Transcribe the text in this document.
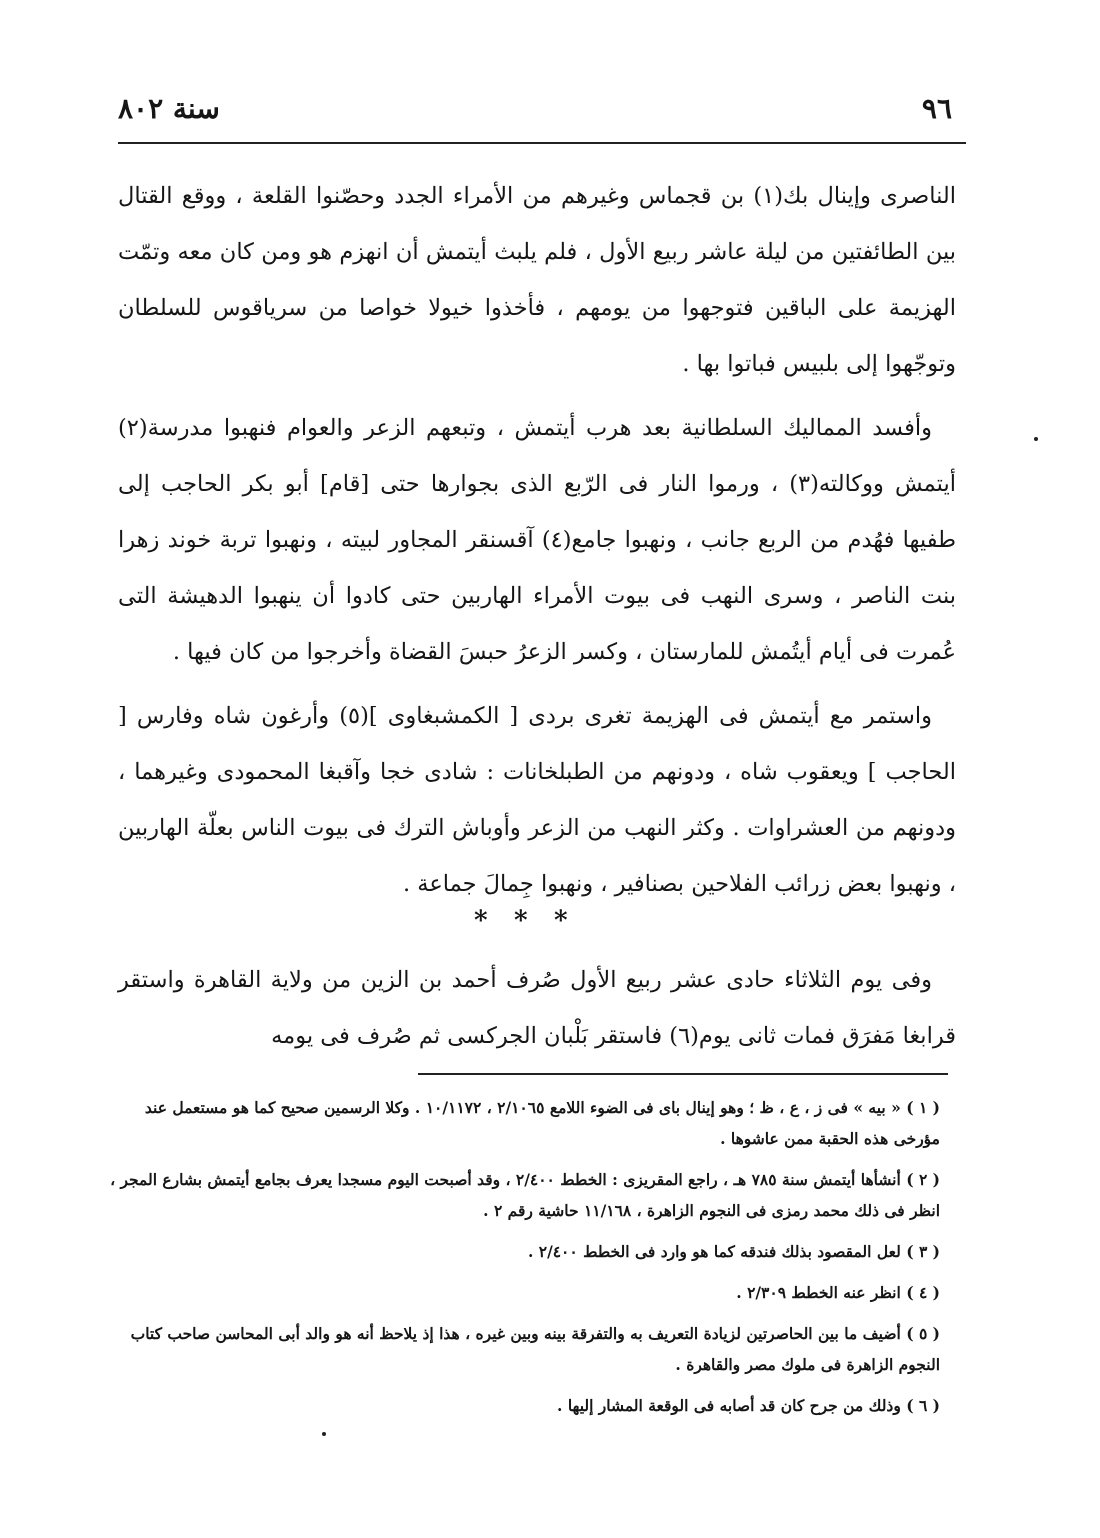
٩٦
سنة ٨٠٢

الناصرى وإينال بك(١) بن قجماس وغيرهم من الأمراء الجدد وحصّنوا القلعة ، ووقع القتال بين الطائفتين من ليلة عاشر ربيع الأول ، فلم يلبث أيتمش أن انهزم هو ومن كان معه وتمّت الهزيمة على الباقين فتوجهوا من يومهم ، فأخذوا خيولا خواصا من سرياقوس للسلطان وتوجّهوا إلى بلبيس فباتوا بها .

وأفسد المماليك السلطانية بعد هرب أيتمش ، وتبعهم الزعر والعوام فنهبوا مدرسة(٢) أيتمش ووكالته(٣) ، ورموا النار فى الرّبع الذى بجوارها حتى [قام] أبو بكر الحاجب إلى طفيها فهُدم من الربع جانب ، ونهبوا جامع(٤) آقسنقر المجاور لبيته ، ونهبوا تربة خوند زهرا بنت الناصر ، وسرى النهب فى بيوت الأمراء الهاربين حتى كادوا أن ينهبوا الدهيشة التى عُمرت فى أيام أيتُمش للمارستان ، وكسر الزعرُ حبسَ القضاة وأخرجوا من كان فيها .

واستمر مع أيتمش فى الهزيمة تغرى بردى [ الكمشبغاوى ](٥) وأرغون شاه وفارس [ الحاجب ] ويعقوب شاه ، ودونهم من الطبلخانات : شادى خجا وآقبغا المحمودى وغيرهما ، ودونهم من العشراوات . وكثر النهب من الزعر وأوباش الترك فى بيوت الناس بعلّة الهاربين ، ونهبوا بعض زرائب الفلاحين بصنافير ، ونهبوا جِمالَ جماعة .

* * *

وفى يوم الثلاثاء حادى عشر ربيع الأول صُرف أحمد بن الزين من ولاية القاهرة واستقر قرابغا مَفرَق فمات ثانى يوم(٦) فاستقر بَلْبان الجركسى ثم صُرف فى يومه

( ١ ) « بيه » فى ز ، ع ، ظ ؛ وهو إينال باى فى الضوء اللامع ٢/١٠٦٥ ، ١٠/١١٧٢ . وكلا الرسمين صحيح كما هو مستعمل عند مؤرخى هذه الحقبة ممن عاشوها .

( ٢ ) أنشأها أيتمش سنة ٧٨٥ هـ ، راجع المقريزى : الخطط ٢/٤٠٠ ، وقد أصبحت اليوم مسجدا يعرف بجامع أيتمش بشارع المجر ، انظر فى ذلك محمد رمزى فى النجوم الزاهرة ، ١١/١٦٨ حاشية رقم ٢ .

( ٣ ) لعل المقصود بذلك فندقه كما هو وارد فى الخطط ٢/٤٠٠ .

( ٤ ) انظر عنه الخطط ٢/٣٠٩ .

( ٥ ) أضيف ما بين الحاصرتين لزيادة التعريف به والتفرقة بينه وبين غيره ، هذا إذ يلاحظ أنه هو والد أبى المحاسن صاحب كتاب النجوم الزاهرة فى ملوك مصر والقاهرة .

( ٦ ) وذلك من جرح كان قد أصابه فى الوقعة المشار إليها .
